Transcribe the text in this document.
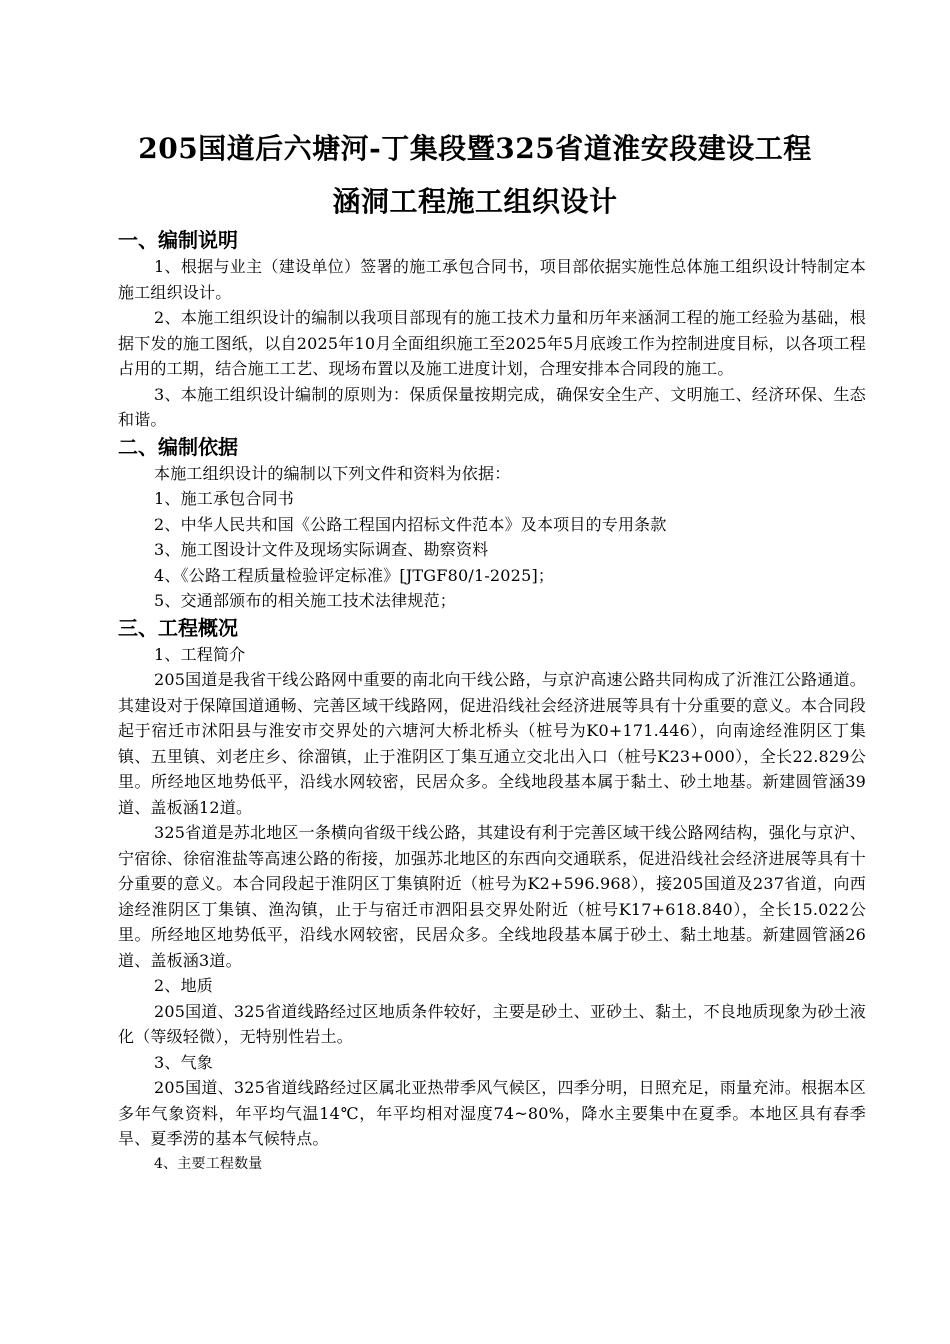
205国道后六塘河-丁集段暨325省道淮安段建设工程
涵洞工程施工组织设计
一、编制说明

1、根据与业主（建设单位）签署的施工承包合同书，项目部依据实施性总体施工组织设计特制定本施工组织设计。

2、本施工组织设计的编制以我项目部现有的施工技术力量和历年来涵洞工程的施工经验为基础，根据下发的施工图纸，以自2025年10月全面组织施工至2025年5月底竣工作为控制进度目标，以各项工程占用的工期，结合施工工艺、现场布置以及施工进度计划，合理安排本合同段的施工。

3、本施工组织设计编制的原则为：保质保量按期完成，确保安全生产、文明施工、经济环保、生态和谐。

二、编制依据

本施工组织设计的编制以下列文件和资料为依据：

1、施工承包合同书

2、中华人民共和国《公路工程国内招标文件范本》及本项目的专用条款

3、施工图设计文件及现场实际调查、勘察资料

4、《公路工程质量检验评定标准》[JTGF80/1-2025]；

5、交通部颁布的相关施工技术法律规范；

三、工程概况

1、工程简介

205国道是我省干线公路网中重要的南北向干线公路，与京沪高速公路共同构成了沂淮江公路通道。其建设对于保障国道通畅、完善区域干线路网，促进沿线社会经济进展等具有十分重要的意义。本合同段起于宿迁市沭阳县与淮安市交界处的六塘河大桥北桥头（桩号为K0+171.446），向南途经淮阴区丁集镇、五里镇、刘老庄乡、徐溜镇，止于淮阴区丁集互通立交北出入口（桩号K23+000），全长22.829公里。所经地区地势低平，沿线水网较密，民居众多。全线地段基本属于黏土、砂土地基。新建圆管涵39道、盖板涵12道。

325省道是苏北地区一条横向省级干线公路，其建设有利于完善区域干线公路网结构，强化与京沪、宁宿徐、徐宿淮盐等高速公路的衔接，加强苏北地区的东西向交通联系，促进沿线社会经济进展等具有十分重要的意义。本合同段起于淮阴区丁集镇附近（桩号为K2+596.968），接205国道及237省道，向西途经淮阴区丁集镇、渔沟镇，止于与宿迁市泗阳县交界处附近（桩号K17+618.840），全长15.022公里。所经地区地势低平，沿线水网较密，民居众多。全线地段基本属于砂土、黏土地基。新建圆管涵26道、盖板涵3道。

2、地质

205国道、325省道线路经过区地质条件较好，主要是砂土、亚砂土、黏土，不良地质现象为砂土液化（等级轻微），无特别性岩土。

3、气象

205国道、325省道线路经过区属北亚热带季风气候区，四季分明，日照充足，雨量充沛。根据本区多年气象资料，年平均气温14℃，年平均相对湿度74~80%，降水主要集中在夏季。本地区具有春季旱、夏季涝的基本气候特点。

4、主要工程数量
